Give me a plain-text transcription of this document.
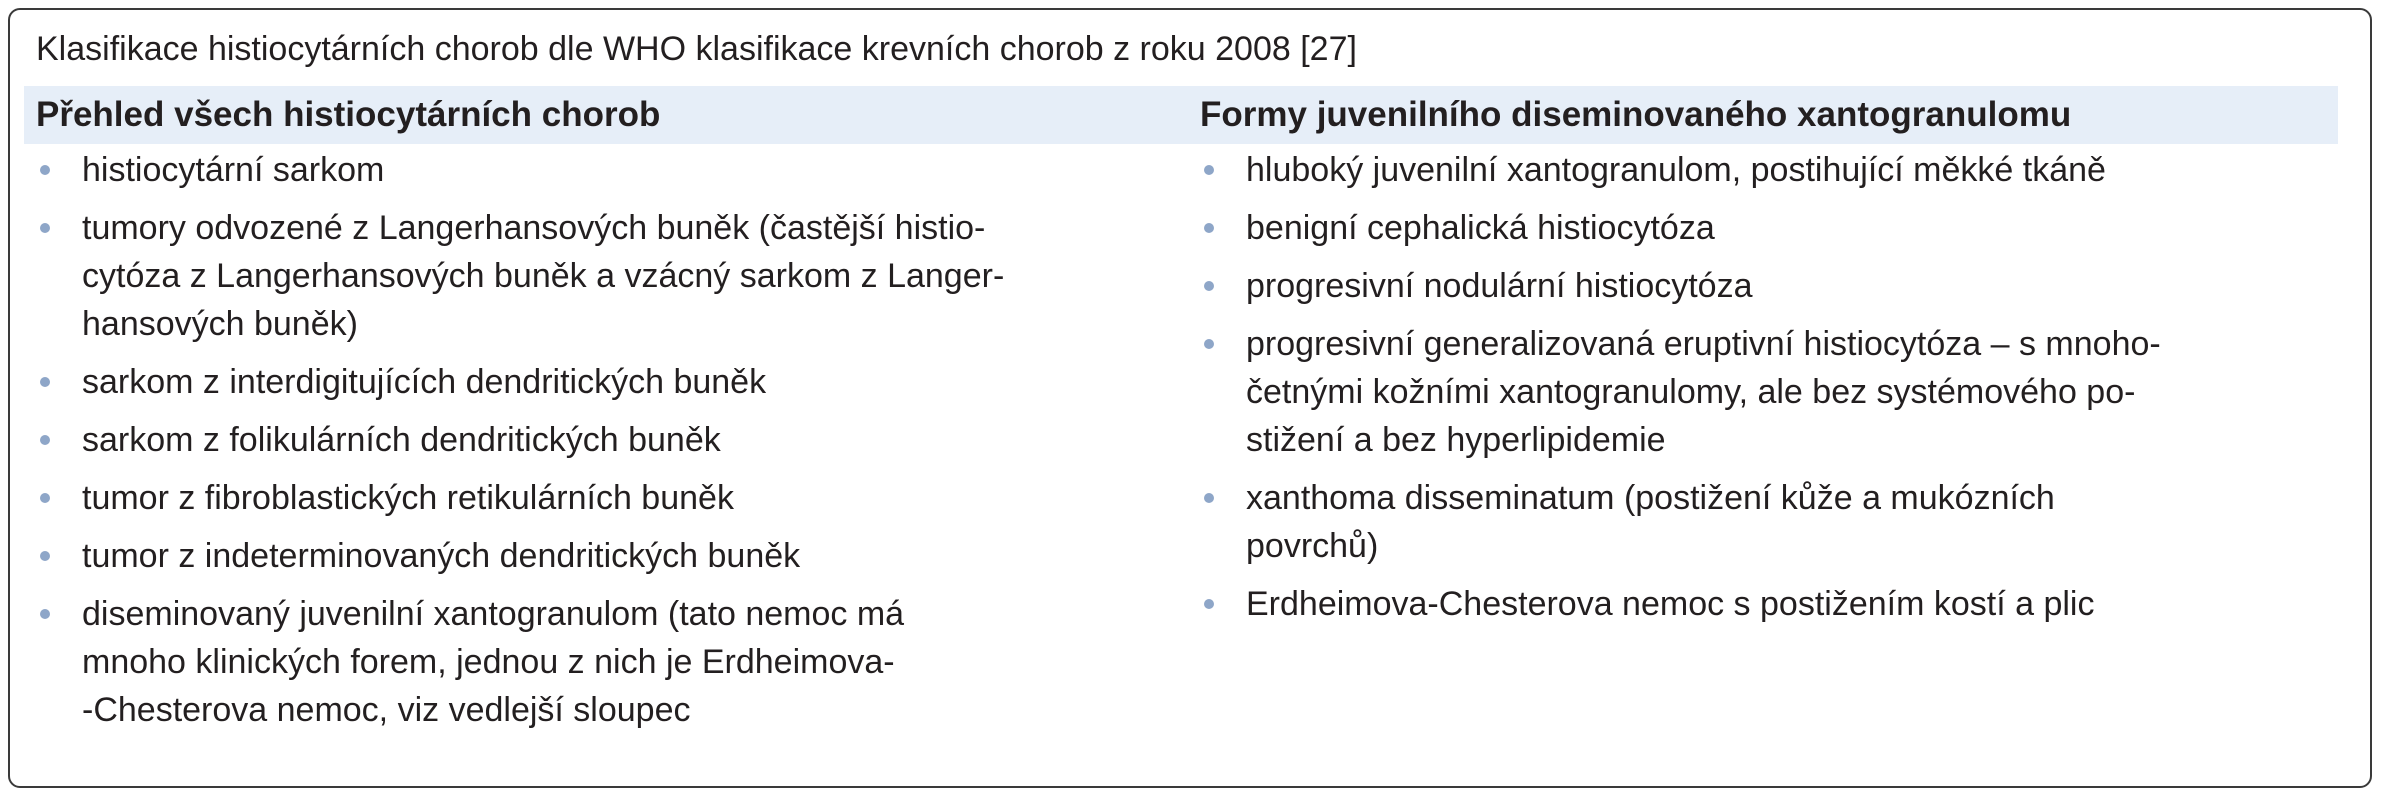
Klasifikace histiocytárních chorob dle WHO klasifikace krevních chorob z roku 2008 [27]
Přehled všech histiocytárních chorob	Formy juvenilního diseminovaného xantogranulomu
histiocytární sarkom
tumory odvozené z Langerhansových buněk (častější histio-
cytóza z Langerhansových buněk a vzácný sarkom z Langer-
hansových buněk)
sarkom z interdigitujících dendritických buněk
sarkom z folikulárních dendritických buněk
tumor z fibroblastických retikulárních buněk
tumor z indeterminovaných dendritických buněk
diseminovaný juvenilní xantogranulom (tato nemoc má
mnoho klinických forem, jednou z nich je Erdheimova-
-Chesterova nemoc, viz vedlejší sloupec
hluboký juvenilní xantogranulom, postihující měkké tkáně
benigní cephalická histiocytóza
progresivní nodulární histiocytóza
progresivní generalizovaná eruptivní histiocytóza – s mnoho-
četnými kožními xantogranulomy, ale bez systémového po-
stižení a bez hyperlipidemie
xanthoma disseminatum (postižení kůže a mukózních
povrchů)
Erdheimova-Chesterova nemoc s postižením kostí a plic
